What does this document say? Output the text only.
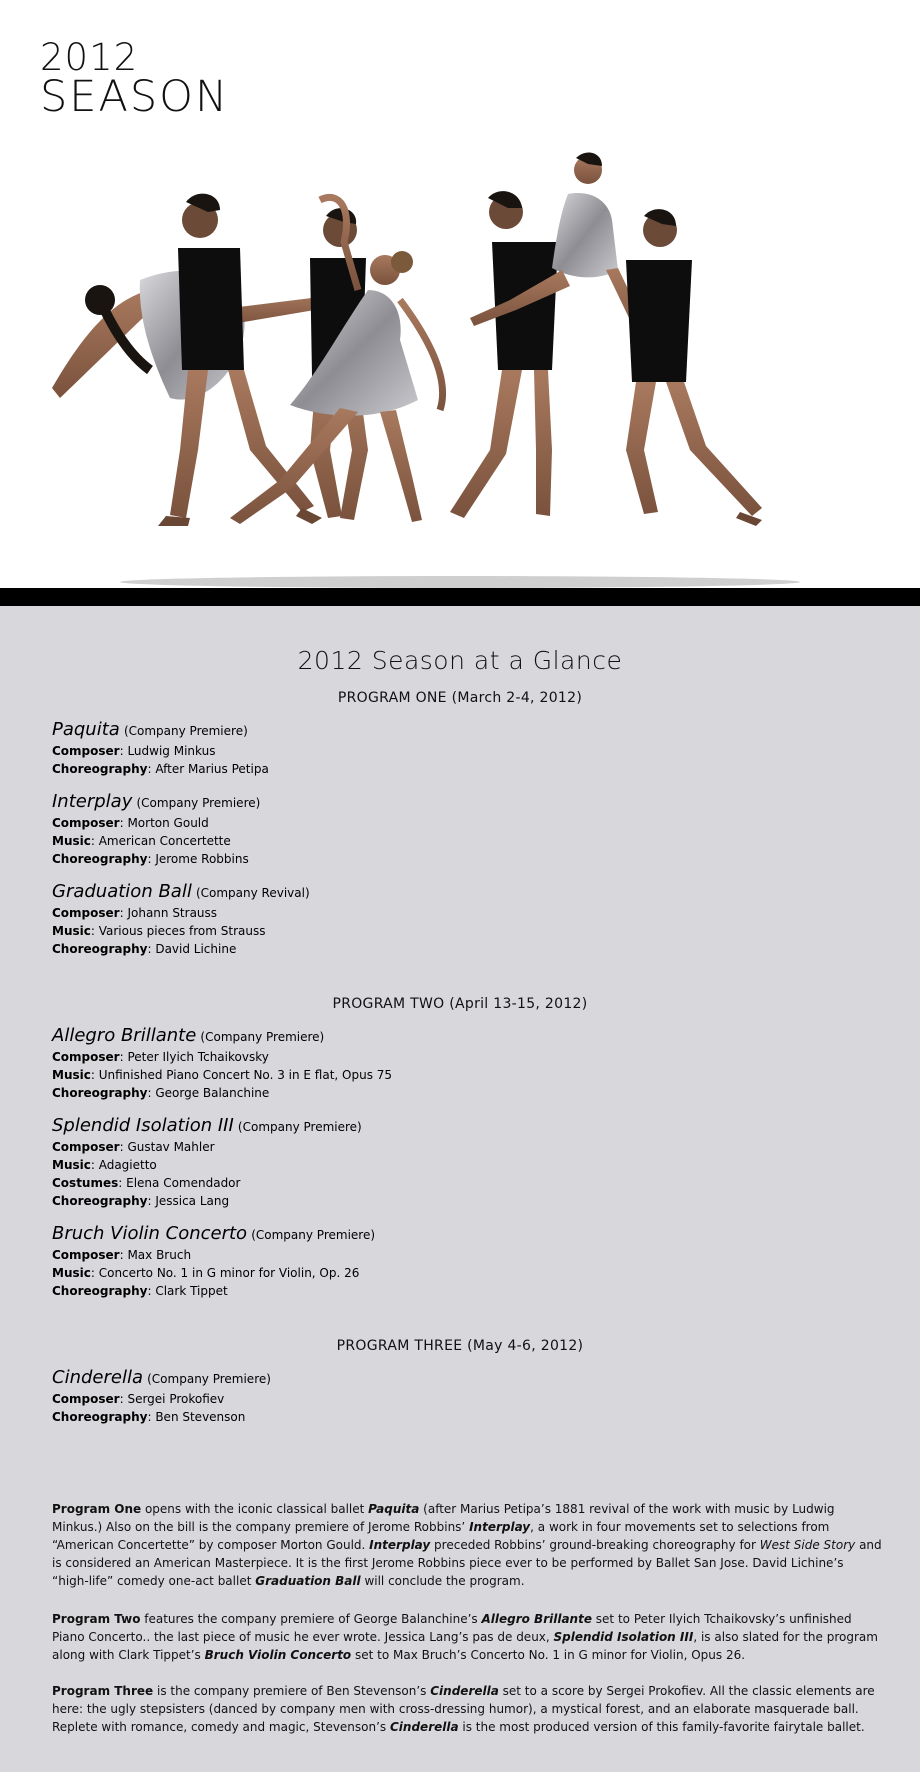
2012
SEASON
2012 Season at a Glance
PROGRAM ONE (March 2-4, 2012)
Paquita (Company Premiere)
Composer: Ludwig Minkus
Choreography: After Marius Petipa
Interplay (Company Premiere)
Composer: Morton Gould
Music: American Concertette
Choreography: Jerome Robbins
Graduation Ball (Company Revival)
Composer: Johann Strauss
Music: Various pieces from Strauss
Choreography: David Lichine
PROGRAM TWO (April 13-15, 2012)
Allegro Brillante (Company Premiere)
Composer: Peter Ilyich Tchaikovsky
Music: Unfinished Piano Concert No. 3 in E flat, Opus 75
Choreography: George Balanchine
Splendid Isolation III (Company Premiere)
Composer: Gustav Mahler
Music: Adagietto
Costumes: Elena Comendador
Choreography: Jessica Lang
Bruch Violin Concerto (Company Premiere)
Composer: Max Bruch
Music: Concerto No. 1 in G minor for Violin, Op. 26
Choreography: Clark Tippet
PROGRAM THREE (May 4-6, 2012)
Cinderella (Company Premiere)
Composer: Sergei Prokofiev
Choreography: Ben Stevenson
Program One opens with the iconic classical ballet Paquita (after Marius Petipa’s 1881 revival of the work with music by Ludwig Minkus.) Also on the bill is the company premiere of Jerome Robbins’ Interplay, a work in four movements set to selections from “American Concertette” by composer Morton Gould. Interplay preceded Robbins’ ground-breaking choreography for West Side Story and is considered an American Masterpiece. It is the first Jerome Robbins piece ever to be performed by Ballet San Jose. David Lichine’s “high-life” comedy one-act ballet Graduation Ball will conclude the program.
Program Two features the company premiere of George Balanchine’s Allegro Brillante set to Peter Ilyich Tchaikovsky’s unfinished Piano Concerto.. the last piece of music he ever wrote. Jessica Lang’s pas de deux, Splendid Isolation III, is also slated for the program along with Clark Tippet’s Bruch Violin Concerto set to Max Bruch’s Concerto No. 1 in G minor for Violin, Opus 26.
Program Three is the company premiere of Ben Stevenson’s Cinderella set to a score by Sergei Prokofiev. All the classic elements are here: the ugly stepsisters (danced by company men with cross-dressing humor), a mystical forest, and an elaborate masquerade ball. Replete with romance, comedy and magic, Stevenson’s Cinderella is the most produced version of this family-favorite fairytale ballet.
